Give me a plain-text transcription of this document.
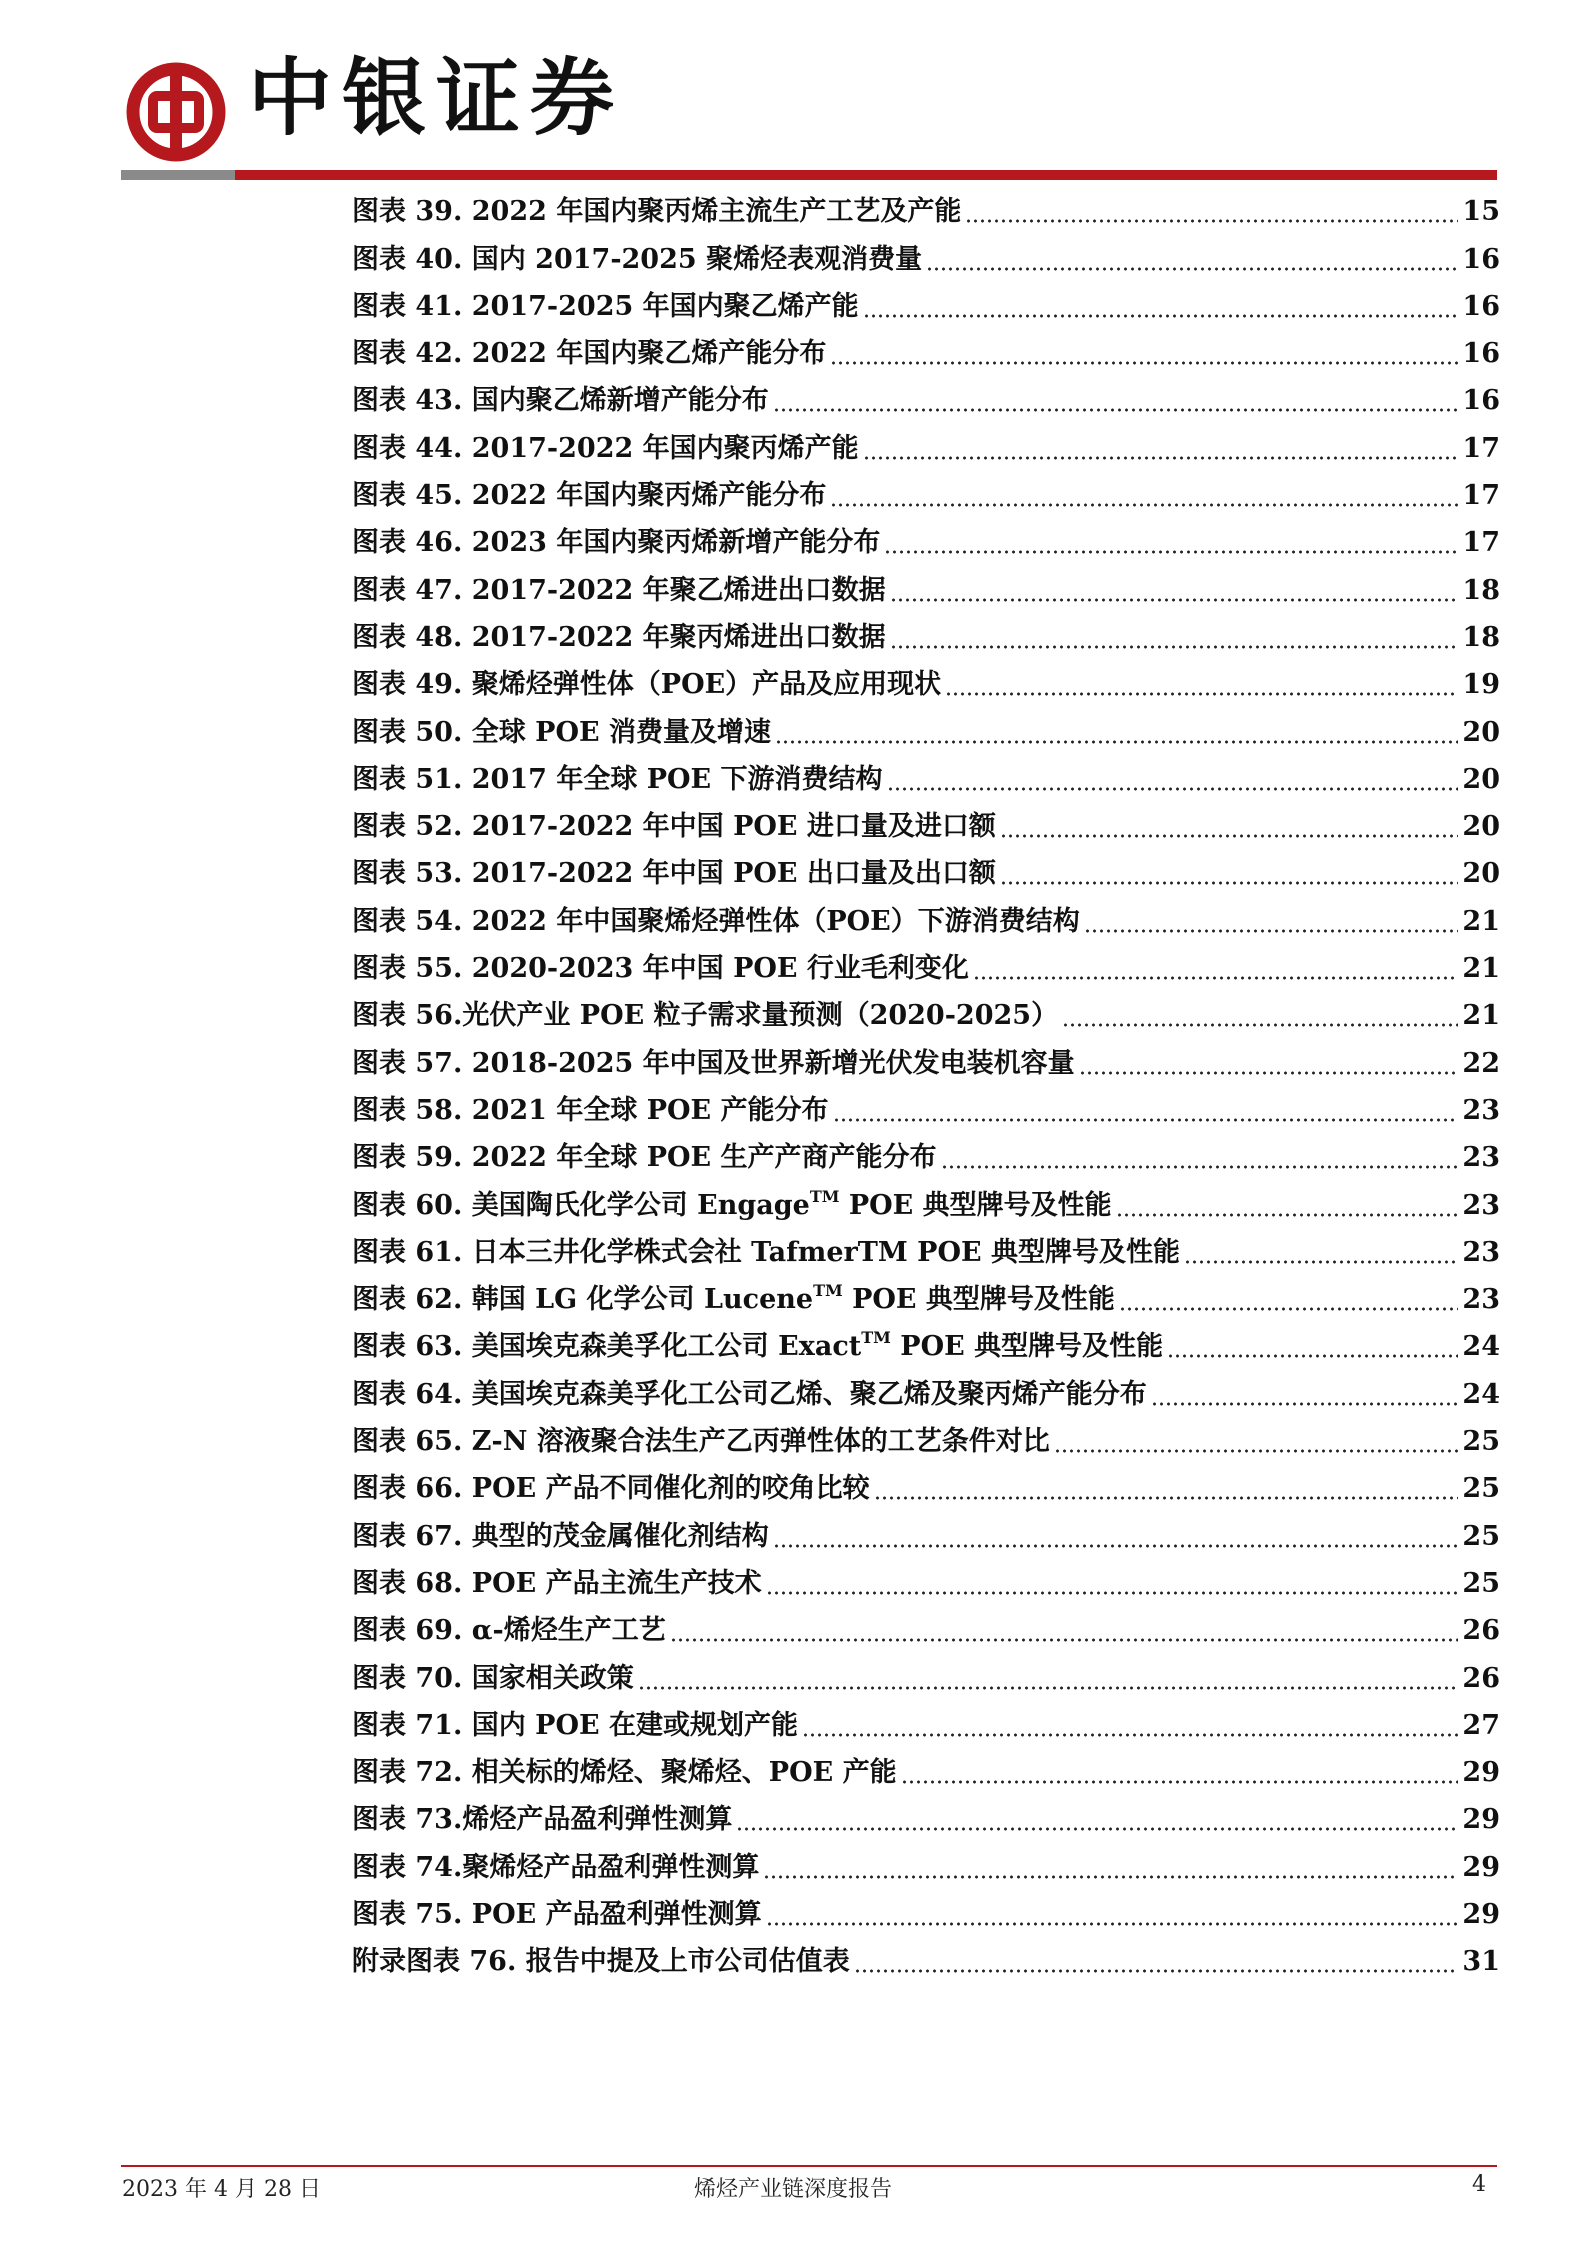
中银证券
图表 39. 2022 年国内聚丙烯主流生产工艺及产能	15
图表 40. 国内 2017-2025 聚烯烃表观消费量	16
图表 41. 2017-2025 年国内聚乙烯产能	16
图表 42. 2022 年国内聚乙烯产能分布	16
图表 43. 国内聚乙烯新增产能分布	16
图表 44. 2017-2022 年国内聚丙烯产能	17
图表 45. 2022 年国内聚丙烯产能分布	17
图表 46. 2023 年国内聚丙烯新增产能分布	17
图表 47. 2017-2022 年聚乙烯进出口数据	18
图表 48. 2017-2022 年聚丙烯进出口数据	18
图表 49. 聚烯烃弹性体（POE）产品及应用现状	19
图表 50. 全球 POE 消费量及增速	20
图表 51. 2017 年全球 POE 下游消费结构	20
图表 52. 2017-2022 年中国 POE 进口量及进口额	20
图表 53. 2017-2022 年中国 POE 出口量及出口额	20
图表 54. 2022 年中国聚烯烃弹性体（POE）下游消费结构	21
图表 55. 2020-2023 年中国 POE 行业毛利变化	21
图表 56.光伏产业 POE 粒子需求量预测（2020-2025）	21
图表 57. 2018-2025 年中国及世界新增光伏发电装机容量	22
图表 58. 2021 年全球 POE 产能分布	23
图表 59. 2022 年全球 POE 生产产商产能分布	23
图表 60. 美国陶氏化学公司 Engage™ POE 典型牌号及性能	23
图表 61. 日本三井化学株式会社 TafmerTM POE 典型牌号及性能	23
图表 62. 韩国 LG 化学公司 Lucene™ POE 典型牌号及性能	23
图表 63. 美国埃克森美孚化工公司 Exact™ POE 典型牌号及性能	24
图表 64. 美国埃克森美孚化工公司乙烯、聚乙烯及聚丙烯产能分布	24
图表 65. Z-N 溶液聚合法生产乙丙弹性体的工艺条件对比	25
图表 66. POE 产品不同催化剂的咬角比较	25
图表 67. 典型的茂金属催化剂结构	25
图表 68. POE 产品主流生产技术	25
图表 69. α-烯烃生产工艺	26
图表 70. 国家相关政策	26
图表 71. 国内 POE 在建或规划产能	27
图表 72. 相关标的烯烃、聚烯烃、POE 产能	29
图表 73.烯烃产品盈利弹性测算	29
图表 74.聚烯烃产品盈利弹性测算	29
图表 75. POE 产品盈利弹性测算	29
附录图表 76. 报告中提及上市公司估值表	31
2023 年 4 月 28 日	烯烃产业链深度报告	4
